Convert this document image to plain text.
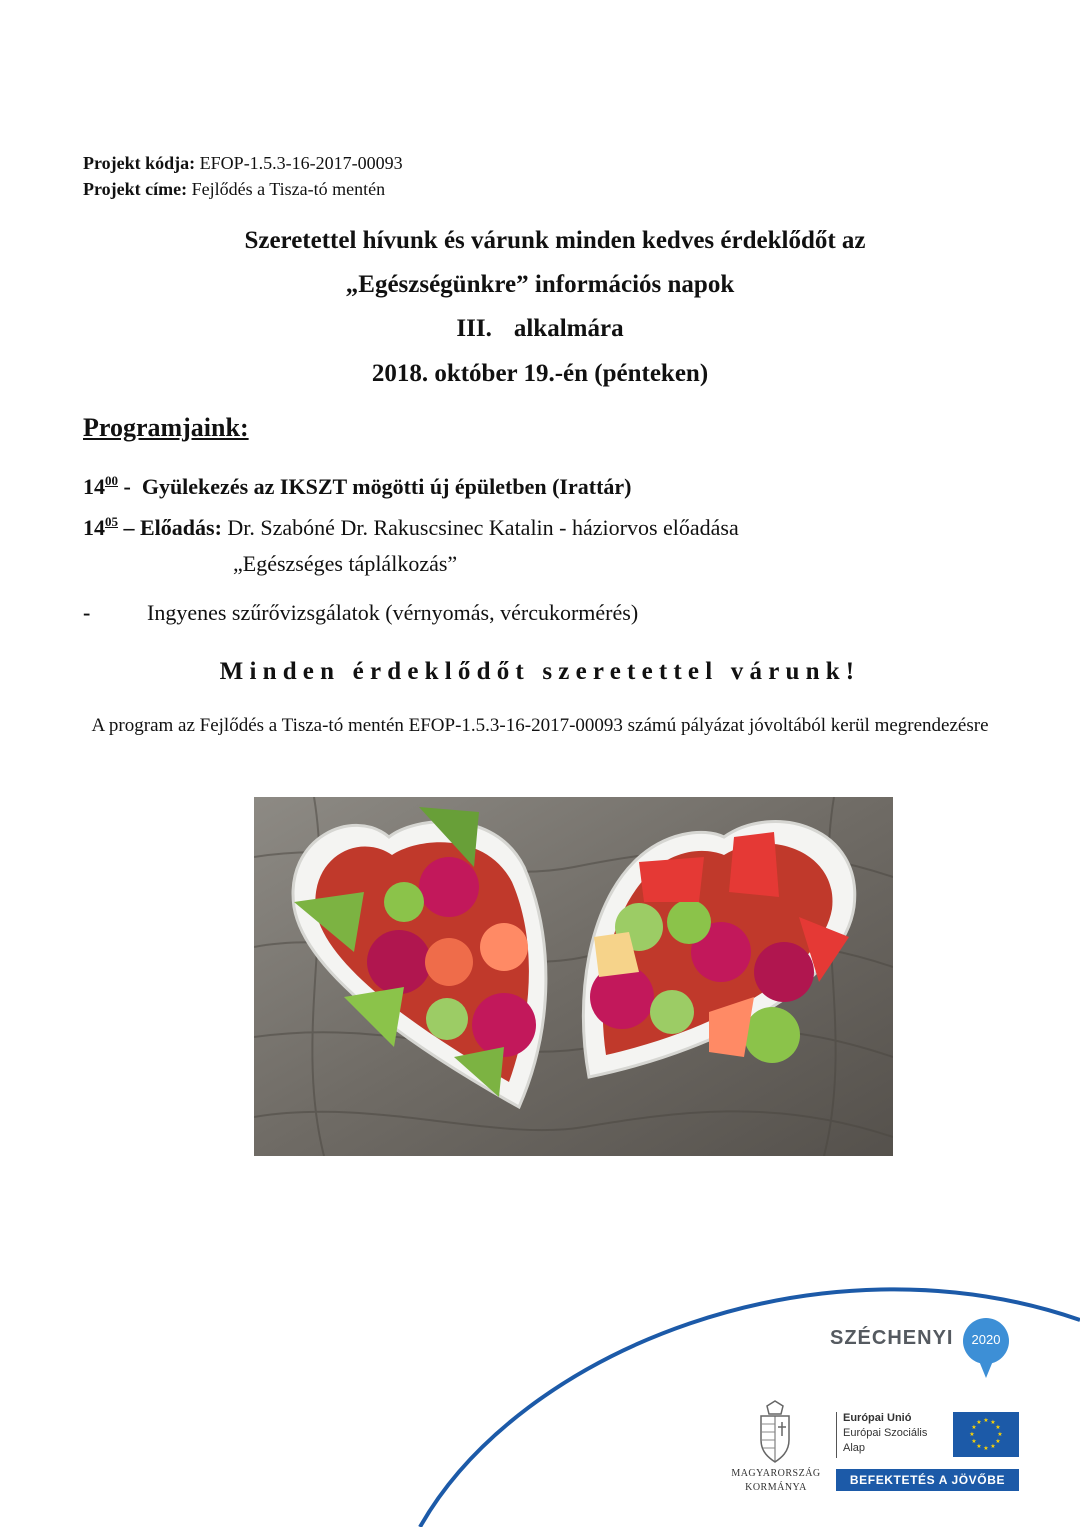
Projekt kódja: EFOP-1.5.3-16-2017-00093
Projekt címe: Fejlődés a Tisza-tó mentén
Szeretettel hívunk és várunk minden kedves érdeklődőt az
„Egészségünkre” információs napok
III. alkalmára
2018. október 19.-én (pénteken)
Programjaink:
$14^{00}$ -  Gyülekezés az IKSZT mögötti új épületben (Irattár)
$14^{05}$ – Előadás: Dr. Szabóné Dr. Rakuscsinec Katalin - háziorvos előadása
„Egészséges táplálkozás”
-	Ingyenes szűrővizsgálatok (vérnyomás, vércukormérés)
Minden érdeklődőt szeretettel várunk!
A program az Fejlődés a Tisza-tó mentén EFOP-1.5.3-16-2017-00093 számú pályázat jóvoltából kerül megrendezésre
SZÉCHENYI	2020
MAGYARORSZÁG
KORMÁNYA
Európai Unió
Európai Szociális
Alap
★ ★
★
★
★
★
★
★
★
★
★
★
BEFEKTETÉS A JÖVŐBE
